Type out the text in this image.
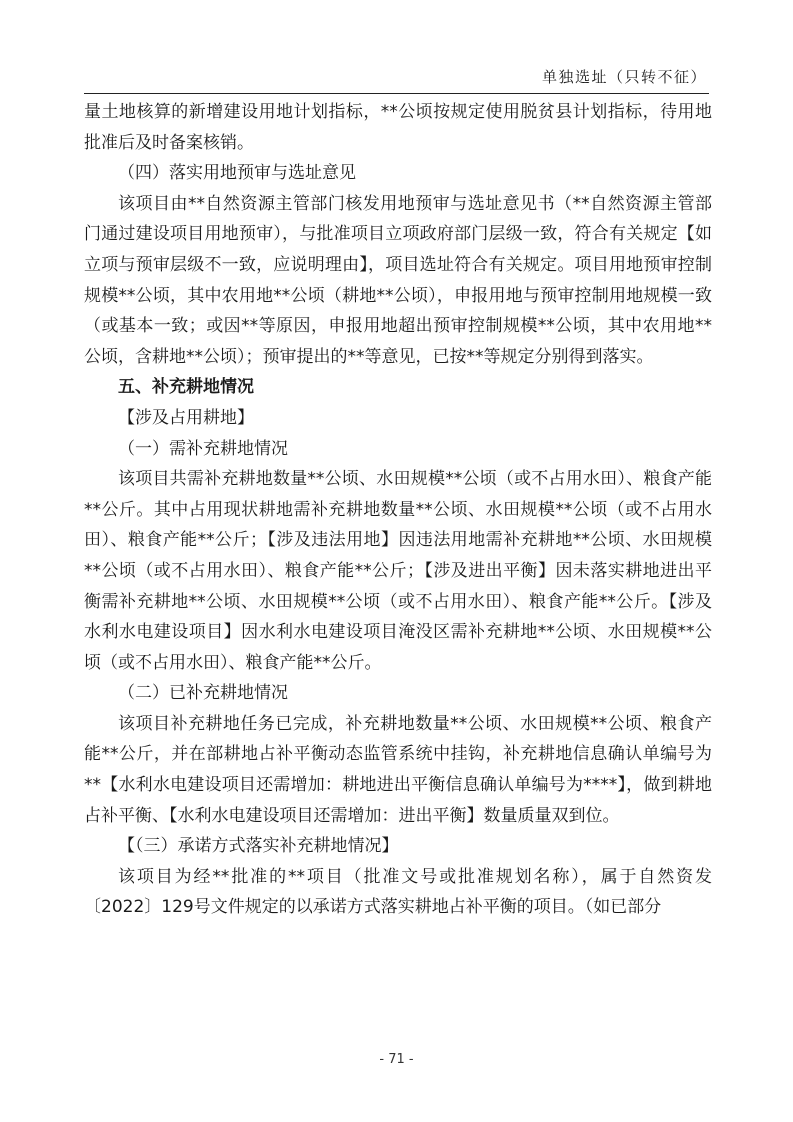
单独选址（只转不征）

量土地核算的新增建设用地计划指标，**公顷按规定使用脱贫县计划指标，待用地批准后及时备案核销。

（四）落实用地预审与选址意见

该项目由**自然资源主管部门核发用地预审与选址意见书（**自然资源主管部门通过建设项目用地预审），与批准项目立项政府部门层级一致，符合有关规定【如立项与预审层级不一致，应说明理由】，项目选址符合有关规定。项目用地预审控制规模**公顷，其中农用地**公顷（耕地**公顷），申报用地与预审控制用地规模一致（或基本一致；或因**等原因，申报用地超出预审控制规模**公顷，其中农用地**公顷，含耕地**公顷）；预审提出的**等意见，已按**等规定分别得到落实。

五、补充耕地情况

【涉及占用耕地】

（一）需补充耕地情况

该项目共需补充耕地数量**公顷、水田规模**公顷（或不占用水田）、粮食产能**公斤。其中占用现状耕地需补充耕地数量**公顷、水田规模**公顷（或不占用水田）、粮食产能**公斤；【涉及违法用地】因违法用地需补充耕地**公顷、水田规模**公顷（或不占用水田）、粮食产能**公斤；【涉及进出平衡】因未落实耕地进出平衡需补充耕地**公顷、水田规模**公顷（或不占用水田）、粮食产能**公斤。【涉及水利水电建设项目】因水利水电建设项目淹没区需补充耕地**公顷、水田规模**公顷（或不占用水田）、粮食产能**公斤。

（二）已补充耕地情况

该项目补充耕地任务已完成，补充耕地数量**公顷、水田规模**公顷、粮食产能**公斤，并在部耕地占补平衡动态监管系统中挂钩，补充耕地信息确认单编号为**【水利水电建设项目还需增加：耕地进出平衡信息确认单编号为****】，做到耕地占补平衡、【水利水电建设项目还需增加：进出平衡】数量质量双到位。

【（三）承诺方式落实补充耕地情况】

该项目为经**批准的**项目（批准文号或批准规划名称），属于自然资发〔2022〕129号文件规定的以承诺方式落实耕地占补平衡的项目。（如已部分

- 71 -
